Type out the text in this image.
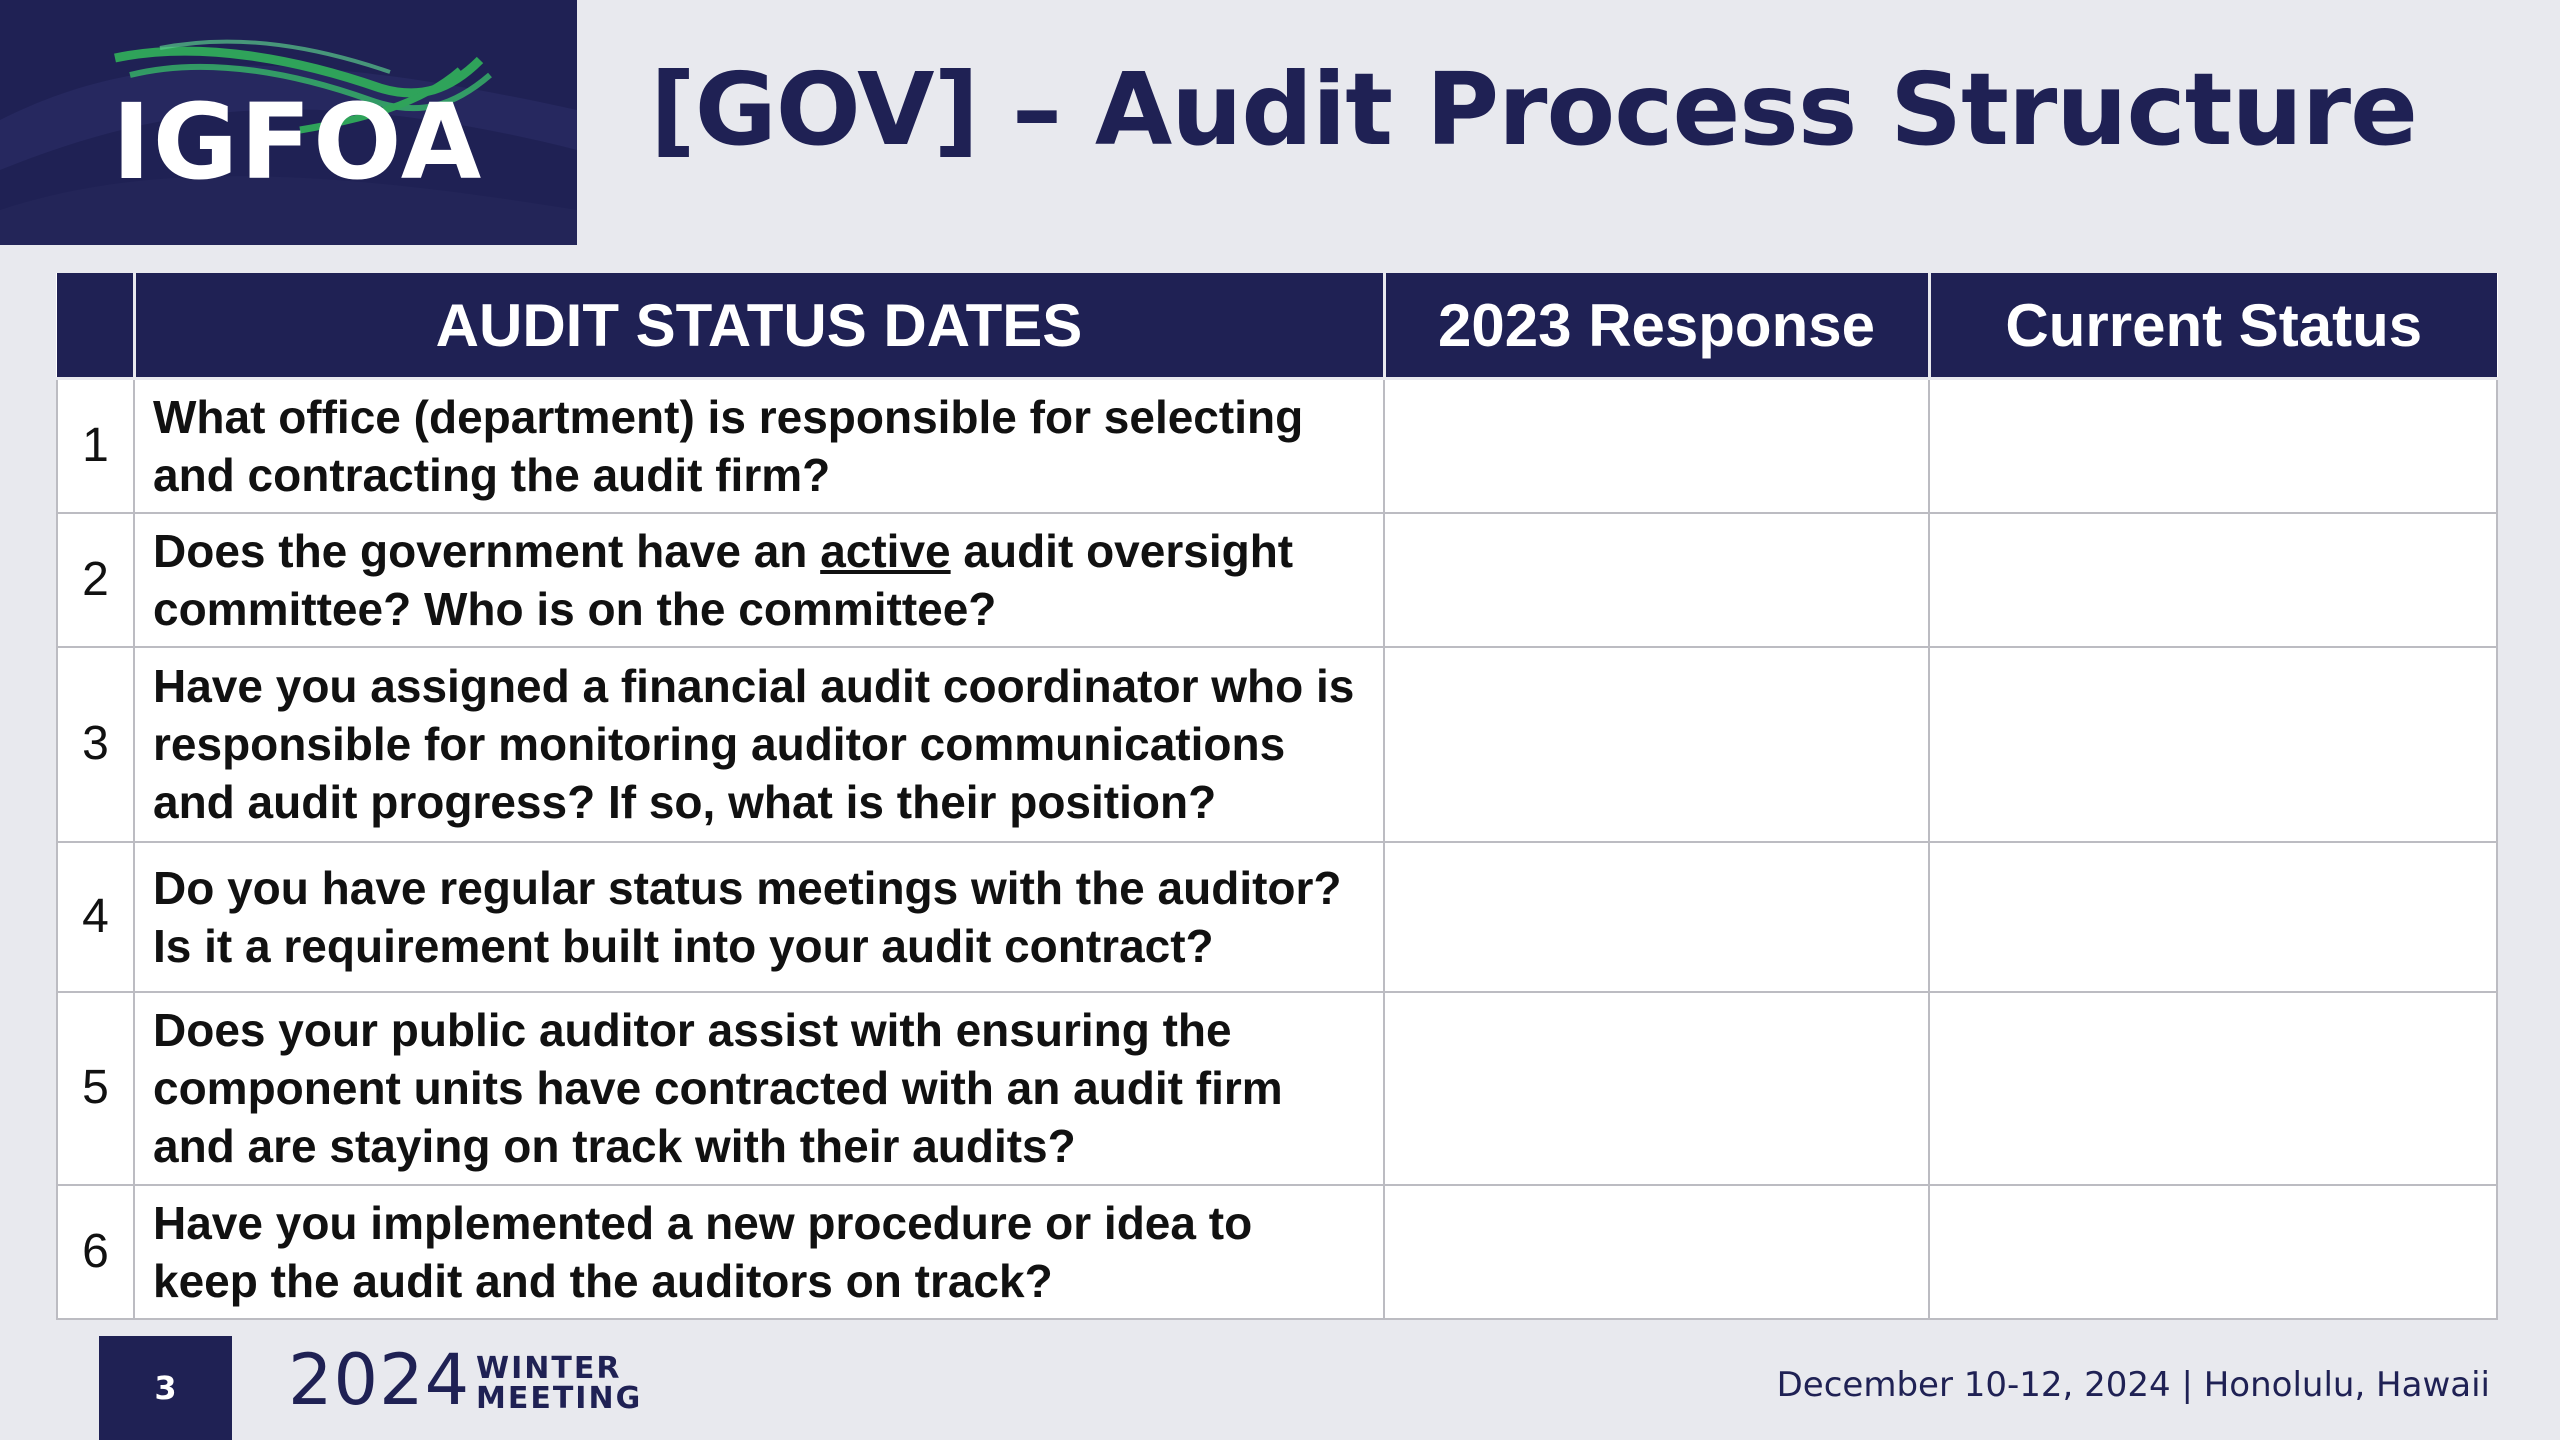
IGFOA [GOV] – Audit Process Structure
	AUDIT STATUS DATES	2023 Response	Current Status
1	What office (department) is responsible for selecting and contracting the audit firm?		
2	Does the government have an active audit oversight committee? Who is on the committee?		
3	Have you assigned a financial audit coordinator who is responsible for monitoring auditor communications and audit progress? If so, what is their position?		
4	Do you have regular status meetings with the auditor? Is it a requirement built into your audit contract?		
5	Does your public auditor assist with ensuring the component units have contracted with an audit firm and are staying on track with their audits?		
6	Have you implemented a new procedure or idea to keep the audit and the auditors on track?		
3	2024 WINTER
MEETING	December 10-12, 2024 | Honolulu, Hawaii
